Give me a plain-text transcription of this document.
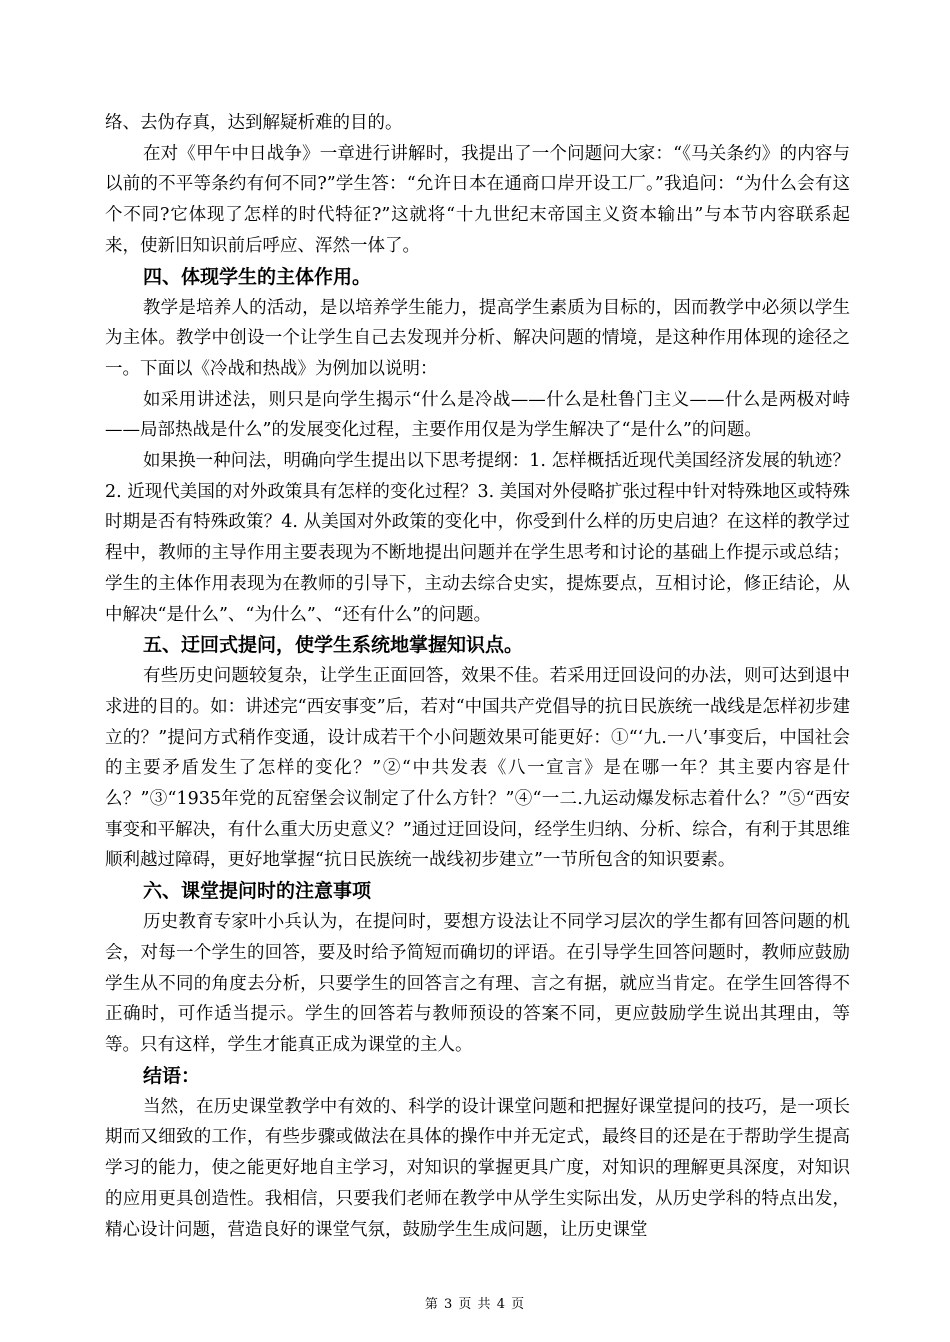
络、去伪存真，达到解疑析难的目的。

在对《甲午中日战争》一章进行讲解时，我提出了一个问题问大家：“《马关条约》的内容与以前的不平等条约有何不同?”学生答：“允许日本在通商口岸开设工厂。”我追问：“为什么会有这个不同?它体现了怎样的时代特征?”这就将“十九世纪末帝国主义资本输出”与本节内容联系起来，使新旧知识前后呼应、浑然一体了。

四、体现学生的主体作用。

教学是培养人的活动，是以培养学生能力，提高学生素质为目标的，因而教学中必须以学生为主体。教学中创设一个让学生自己去发现并分析、解决问题的情境，是这种作用体现的途径之一。下面以《冷战和热战》为例加以说明：

如采用讲述法，则只是向学生揭示“什么是冷战——什么是杜鲁门主义——什么是两极对峙——局部热战是什么”的发展变化过程，主要作用仅是为学生解决了“是什么”的问题。

如果换一种问法，明确向学生提出以下思考提纲：1. 怎样概括近现代美国经济发展的轨迹？2. 近现代美国的对外政策具有怎样的变化过程？3. 美国对外侵略扩张过程中针对特殊地区或特殊时期是否有特殊政策？4. 从美国对外政策的变化中，你受到什么样的历史启迪？在这样的教学过程中，教师的主导作用主要表现为不断地提出问题并在学生思考和讨论的基础上作提示或总结；学生的主体作用表现为在教师的引导下，主动去综合史实，提炼要点，互相讨论，修正结论，从中解决“是什么”、“为什么”、“还有什么”的问题。

五、迂回式提问，使学生系统地掌握知识点。

有些历史问题较复杂，让学生正面回答，效果不佳。若采用迂回设问的办法，则可达到退中求进的目的。如：讲述完“西安事变”后，若对“中国共产党倡导的抗日民族统一战线是怎样初步建立的？”提问方式稍作变通，设计成若干个小问题效果可能更好：①“‘九.一八’事变后，中国社会的主要矛盾发生了怎样的变化？”②“中共发表《八一宣言》是在哪一年？其主要内容是什么？”③“1935年党的瓦窑堡会议制定了什么方针？”④“一二.九运动爆发标志着什么？”⑤“西安事变和平解决，有什么重大历史意义？”通过迂回设问，经学生归纳、分析、综合，有利于其思维顺利越过障碍，更好地掌握“抗日民族统一战线初步建立”一节所包含的知识要素。

六、课堂提问时的注意事项

历史教育专家叶小兵认为，在提问时，要想方设法让不同学习层次的学生都有回答问题的机会，对每一个学生的回答，要及时给予简短而确切的评语。在引导学生回答问题时，教师应鼓励学生从不同的角度去分析，只要学生的回答言之有理、言之有据，就应当肯定。在学生回答得不正确时，可作适当提示。学生的回答若与教师预设的答案不同，更应鼓励学生说出其理由，等等。只有这样，学生才能真正成为课堂的主人。

结语：

当然，在历史课堂教学中有效的、科学的设计课堂问题和把握好课堂提问的技巧，是一项长期而又细致的工作，有些步骤或做法在具体的操作中并无定式，最终目的还是在于帮助学生提高学习的能力，使之能更好地自主学习，对知识的掌握更具广度，对知识的理解更具深度，对知识的应用更具创造性。我相信，只要我们老师在教学中从学生实际出发，从历史学科的特点出发，精心设计问题，营造良好的课堂气氛，鼓励学生生成问题，让历史课堂

第 3 页 共 4 页
